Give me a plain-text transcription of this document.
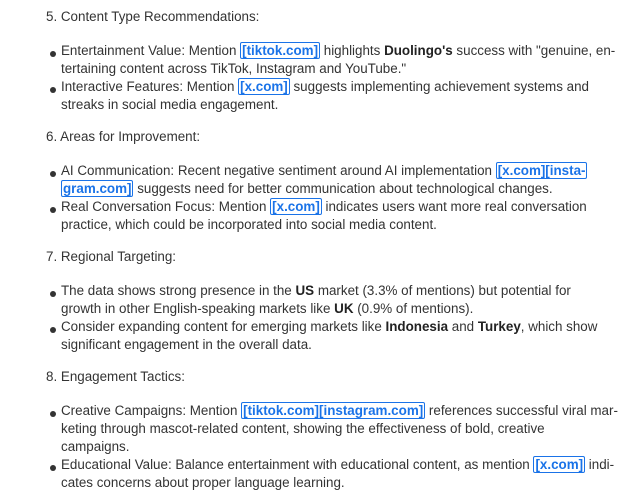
5. Content Type Recommendations:

Entertainment Value: Mention [tiktok.com] highlights Duolingo's success with "genuine, en-
tertaining content across TikTok, Instagram and YouTube."

Interactive Features: Mention [x.com] suggests implementing achievement systems and
streaks in social media engagement.

6. Areas for Improvement:

AI Communication: Recent negative sentiment around AI implementation [x.com][insta-
gram.com] suggests need for better communication about technological changes.

Real Conversation Focus: Mention [x.com] indicates users want more real conversation
practice, which could be incorporated into social media content.

7. Regional Targeting:

The data shows strong presence in the US market (3.3% of mentions) but potential for
growth in other English-speaking markets like UK (0.9% of mentions).

Consider expanding content for emerging markets like Indonesia and Turkey, which show
significant engagement in the overall data.

8. Engagement Tactics:

Creative Campaigns: Mention [tiktok.com][instagram.com] references successful viral mar-
keting through mascot-related content, showing the effectiveness of bold, creative
campaigns.

Educational Value: Balance entertainment with educational content, as mention [x.com] indi-
cates concerns about proper language learning.
